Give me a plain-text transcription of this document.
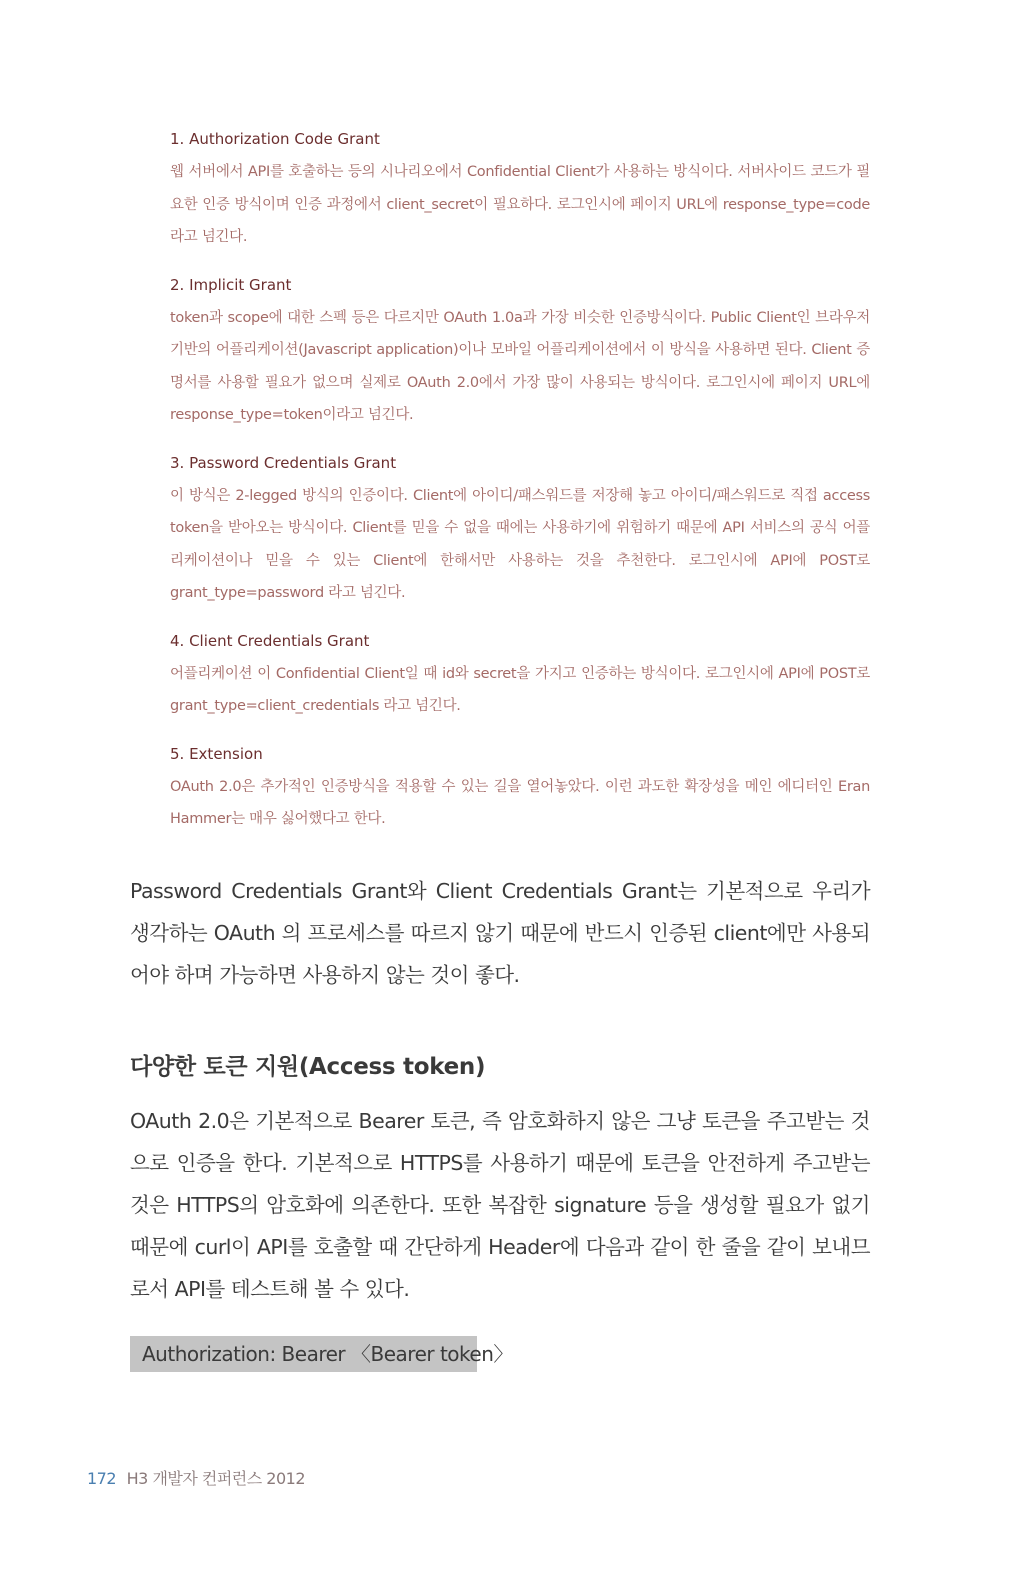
1. Authorization Code Grant
웹 서버에서 API를 호출하는 등의 시나리오에서 Confidential Client가 사용하는 방식이다. 서버사이드 코드가 필요한 인증 방식이며 인증 과정에서 client_secret이 필요하다. 로그인시에 페이지 URL에 response_type=code 라고 넘긴다.
2. Implicit Grant
token과 scope에 대한 스펙 등은 다르지만 OAuth 1.0a과 가장 비슷한 인증방식이다. Public Client인 브라우저 기반의 어플리케이션(Javascript application)이나 모바일 어플리케이션에서 이 방식을 사용하면 된다. Client 증명서를 사용할 필요가 없으며 실제로 OAuth 2.0에서 가장 많이 사용되는 방식이다. 로그인시에 페이지 URL에 response_type=token이라고 넘긴다.
3. Password Credentials Grant
이 방식은 2-legged 방식의 인증이다. Client에 아이디/패스워드를 저장해 놓고 아이디/패스워드로 직접 access token을 받아오는 방식이다. Client를 믿을 수 없을 때에는 사용하기에 위험하기 때문에 API 서비스의 공식 어플리케이션이나 믿을 수 있는 Client에 한해서만 사용하는 것을 추천한다. 로그인시에 API에 POST로 grant_type=password 라고 넘긴다.
4. Client Credentials Grant
어플리케이션 이 Confidential Client일 때 id와 secret을 가지고 인증하는 방식이다. 로그인시에 API에 POST로 grant_type=client_credentials 라고 넘긴다.
5. Extension
OAuth 2.0은 추가적인 인증방식을 적용할 수 있는 길을 열어놓았다. 이런 과도한 확장성을 메인 에디터인 Eran Hammer는 매우 싫어했다고 한다.
Password Credentials Grant와 Client Credentials Grant는 기본적으로 우리가 생각하는 OAuth 의 프로세스를 따르지 않기 때문에 반드시 인증된 client에만 사용되어야 하며 가능하면 사용하지 않는 것이 좋다.
다양한 토큰 지원(Access token)
OAuth 2.0은 기본적으로 Bearer 토큰, 즉 암호화하지 않은 그냥 토큰을 주고받는 것으로 인증을 한다. 기본적으로 HTTPS를 사용하기 때문에 토큰을 안전하게 주고받는 것은 HTTPS의 암호화에 의존한다. 또한 복잡한 signature 등을 생성할 필요가 없기 때문에 curl이 API를 호출할 때 간단하게 Header에 다음과 같이 한 줄을 같이 보내므로서 API를 테스트해 볼 수 있다.
Authorization: Bearer 〈Bearer token〉
172 H3 개발자 컨퍼런스 2012
